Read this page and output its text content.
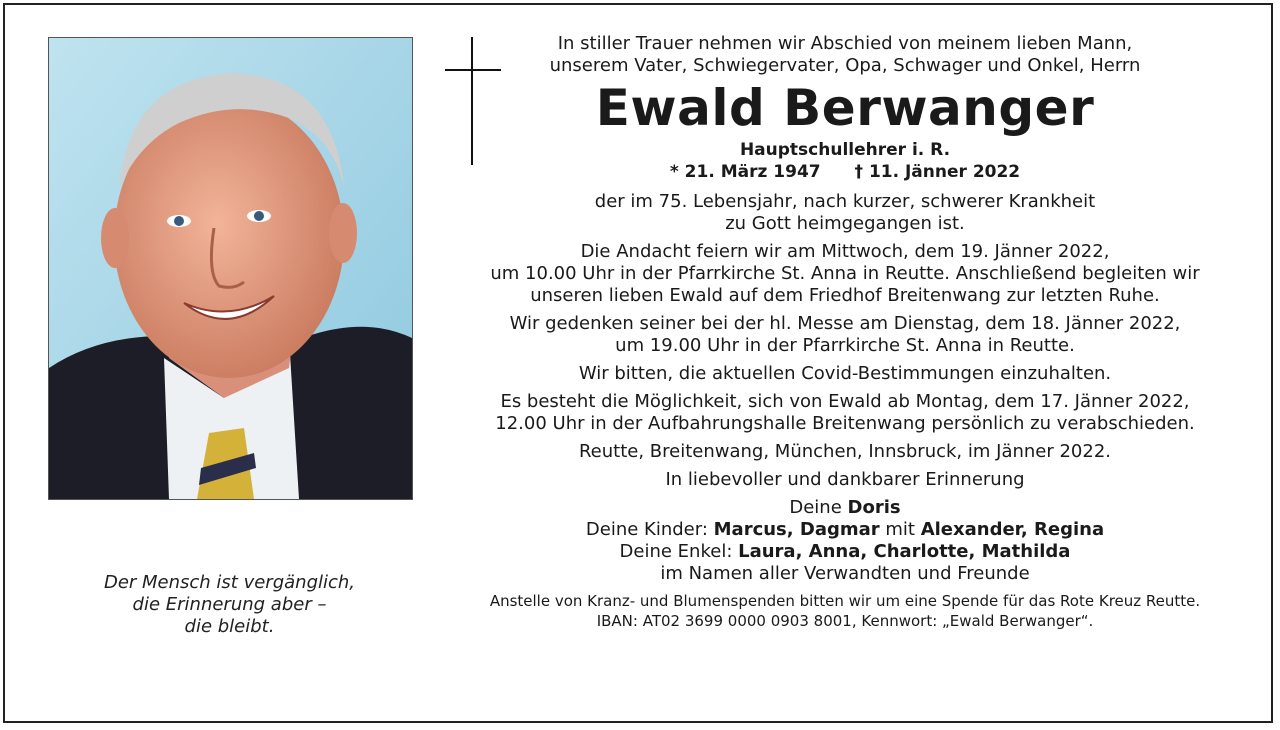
Der Mensch ist vergänglich,
die Erinnerung aber –
die bleibt.
In stiller Trauer nehmen wir Abschied von meinem lieben Mann,
unserem Vater, Schwiegervater, Opa, Schwager und Onkel, Herrn
Ewald Berwanger
Hauptschullehrer i. R.
* 21. März 1947 † 11. Jänner 2022
der im 75. Lebensjahr, nach kurzer, schwerer Krankheit
zu Gott heimgegangen ist.
Die Andacht feiern wir am Mittwoch, dem 19. Jänner 2022,
um 10.00 Uhr in der Pfarrkirche St. Anna in Reutte. Anschließend begleiten wir
unseren lieben Ewald auf dem Friedhof Breitenwang zur letzten Ruhe.
Wir gedenken seiner bei der hl. Messe am Dienstag, dem 18. Jänner 2022,
um 19.00 Uhr in der Pfarrkirche St. Anna in Reutte.
Wir bitten, die aktuellen Covid-Bestimmungen einzuhalten.
Es besteht die Möglichkeit, sich von Ewald ab Montag, dem 17. Jänner 2022,
12.00 Uhr in der Aufbahrungshalle Breitenwang persönlich zu verabschieden.
Reutte, Breitenwang, München, Innsbruck, im Jänner 2022.
In liebevoller und dankbarer Erinnerung
Deine Doris
Deine Kinder: Marcus, Dagmar mit Alexander, Regina
Deine Enkel: Laura, Anna, Charlotte, Mathilda
im Namen aller Verwandten und Freunde
Anstelle von Kranz- und Blumenspenden bitten wir um eine Spende für das Rote Kreuz Reutte.
IBAN: AT02 3699 0000 0903 8001, Kennwort: „Ewald Berwanger“.
